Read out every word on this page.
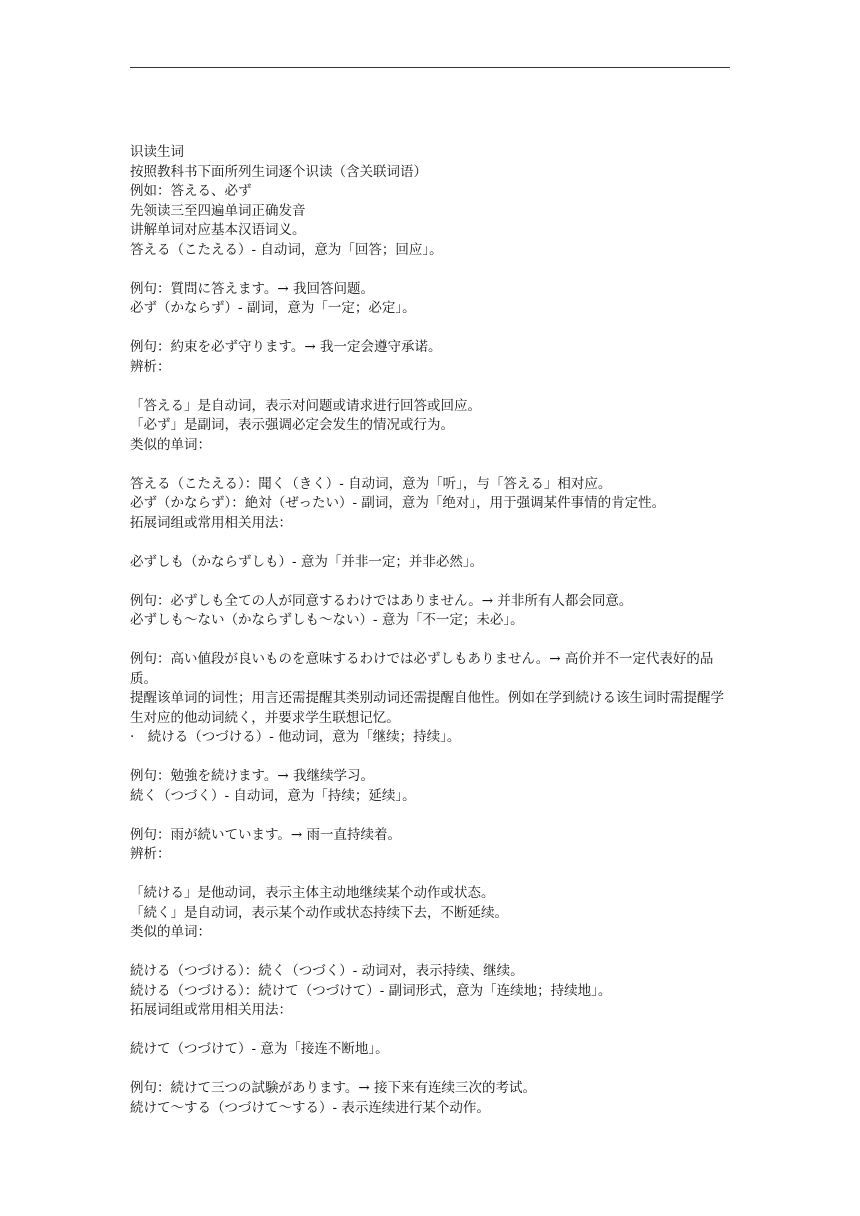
识读生词
按照教科书下面所列生词逐个识读（含关联词语）
例如：答える、必ず
先领读三至四遍单词正确发音
讲解单词对应基本汉语词义。
答える（こたえる）- 自动词，意为「回答；回应」。
例句：質問に答えます。→ 我回答问题。
必ず（かならず）- 副词，意为「一定；必定」。
例句：約束を必ず守ります。→ 我一定会遵守承诺。
辨析：
「答える」是自动词，表示对问题或请求进行回答或回应。
「必ず」是副词，表示强调必定会发生的情况或行为。
类似的单词：
答える（こたえる）：聞く（きく）- 自动词，意为「听」，与「答える」相对应。
必ず（かならず）：絶対（ぜったい）- 副词，意为「绝对」，用于强调某件事情的肯定性。
拓展词组或常用相关用法：
必ずしも（かならずしも）- 意为「并非一定；并非必然」。
例句：必ずしも全ての人が同意するわけではありません。→ 并非所有人都会同意。
必ずしも～ない（かならずしも～ない）- 意为「不一定；未必」。
例句：高い値段が良いものを意味するわけでは必ずしもありません。→ 高价并不一定代表好的品质。
提醒该单词的词性；用言还需提醒其类别动词还需提醒自他性。例如在学到続ける该生词时需提醒学生对应的他动词続く，并要求学生联想记忆。
·　続ける（つづける）- 他动词，意为「继续；持续」。
例句：勉強を続けます。→ 我继续学习。
続く（つづく）- 自动词，意为「持续；延续」。
例句：雨が続いています。→ 雨一直持续着。
辨析：
「続ける」是他动词，表示主体主动地继续某个动作或状态。
「続く」是自动词，表示某个动作或状态持续下去，不断延续。
类似的单词：
続ける（つづける）：続く（つづく）- 动词对，表示持续、继续。
続ける（つづける）：続けて（つづけて）- 副词形式，意为「连续地；持续地」。
拓展词组或常用相关用法：
続けて（つづけて）- 意为「接连不断地」。
例句：続けて三つの試験があります。→ 接下来有连续三次的考试。
続けて～する（つづけて～する）- 表示连续进行某个动作。
